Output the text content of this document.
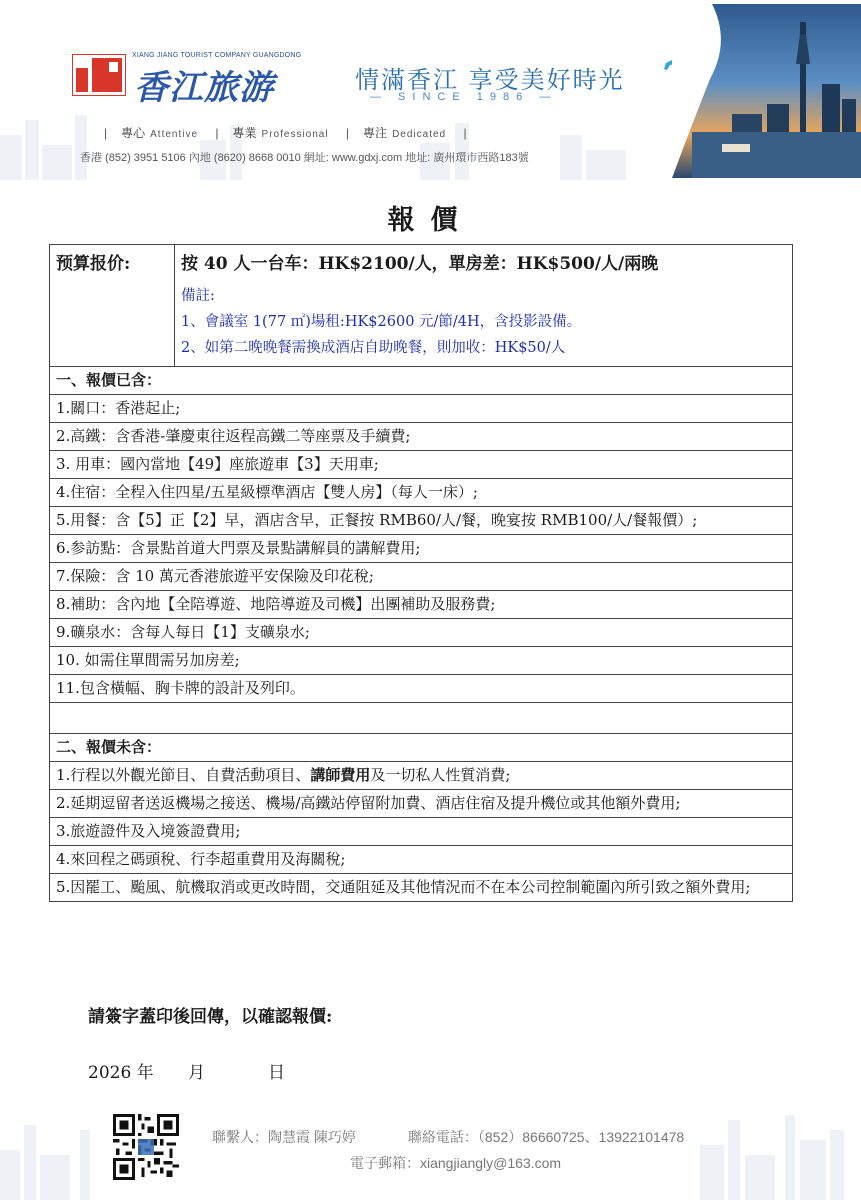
XIANG JIANG TOURIST COMPANY GUANGDONG
香江旅游	情滿香江 享受美好時光
— SINCE 1986 —
| 專心 Attentive | 專業 Professional | 專注 Dedicated |
香港 (852) 3951 5106 內地 (8620) 8668 0010 網址: www.gdxj.com 地址: 廣州環市西路183號
報價
预算报价:	按 40 人一台车：HK$2100/人，單房差：HK$500/人/兩晚
備註:
1、會議室 1(77 ㎡)場租:HK$2600 元/節/4H，含投影設備。
2、如第二晚晚餐需換成酒店自助晚餐，則加收：HK$50/人

一、報價已含：
1.關口：香港起止;
2.高鐵：含香港-肇慶東往返程高鐵二等座票及手續費;
3. 用車：國內當地【49】座旅遊車【3】天用車;
4.住宿：全程入住四星/五星級標準酒店【雙人房】（每人一床）;
5.用餐：含【5】正【2】早，酒店含早，正餐按 RMB60/人/餐，晚宴按 RMB100/人/餐報價）;
6.参訪點：含景點首道大門票及景點講解員的講解費用;
7.保險：含 10 萬元香港旅遊平安保險及印花稅;
8.補助：含內地【全陪導遊、地陪導遊及司機】出團補助及服務費;
9.礦泉水：含每人每日【1】支礦泉水;
10. 如需住單間需另加房差;
11.包含橫幅、胸卡牌的設計及列印。

二、報價未含：
1.行程以外觀光節目、自費活動項目、講師費用及一切私人性質消費;
2.延期逗留者送返機場之接送、機場/高鐵站停留附加費、酒店住宿及提升機位或其他額外費用;
3.旅遊證件及入境簽證費用;
4.來回程之碼頭稅、行李超重費用及海關稅;
5.因罷工、颱風、航機取消或更改時間，交通阻延及其他情況而不在本公司控制範圍內所引致之額外費用;
請簽字蓋印後回傳，以確認報價:
2026 年 月	日
聯繫人：陶慧霞 陳巧婷	聯絡電話：（852）86660725、13922101478
電子郵箱：xiangjiangly@163.com
